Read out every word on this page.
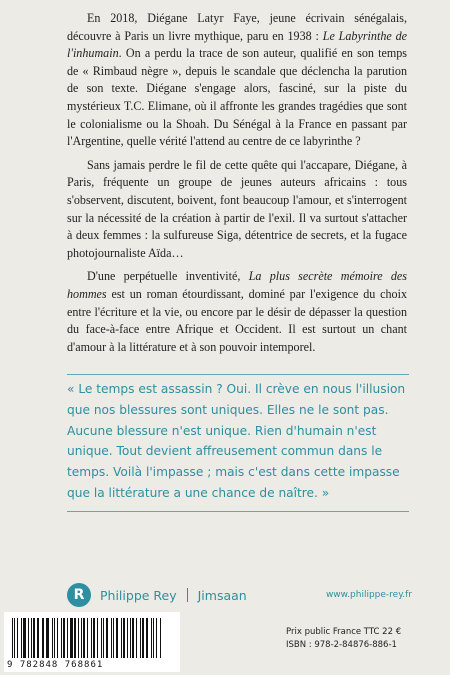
En 2018, Diégane Latyr Faye, jeune écrivain sénégalais, découvre à Paris un livre mythique, paru en 1938 : Le Labyrinthe de l'inhumain. On a perdu la trace de son auteur, qualifié en son temps de « Rimbaud nègre », depuis le scandale que déclencha la parution de son texte. Diégane s'engage alors, fasciné, sur la piste du mystérieux T.C. Elimane, où il affronte les grandes tragédies que sont le colonialisme ou la Shoah. Du Sénégal à la France en passant par l'Argentine, quelle vérité l'attend au centre de ce labyrinthe ?

Sans jamais perdre le fil de cette quête qui l'accapare, Diégane, à Paris, fréquente un groupe de jeunes auteurs africains : tous s'observent, discutent, boivent, font beaucoup l'amour, et s'interrogent sur la nécessité de la création à partir de l'exil. Il va surtout s'attacher à deux femmes : la sulfureuse Siga, détentrice de secrets, et la fugace photojournaliste Aïda…

D'une perpétuelle inventivité, La plus secrète mémoire des hommes est un roman étourdissant, dominé par l'exigence du choix entre l'écriture et la vie, ou encore par le désir de dépasser la question du face-à-face entre Afrique et Occident. Il est surtout un chant d'amour à la littérature et à son pouvoir intemporel.

« Le temps est assassin ? Oui. Il crève en nous l'illusion que nos blessures sont uniques. Elles ne le sont pas. Aucune blessure n'est unique. Rien d'humain n'est unique. Tout devient affreusement commun dans le temps. Voilà l'impasse ; mais c'est dans cette impasse que la littérature a une chance de naître. »
R	Philippe Rey Jimsaan	www.philippe-rey.fr
9 782848 768861
Prix public France TTC 22 €
ISBN : 978-2-84876-886-1
